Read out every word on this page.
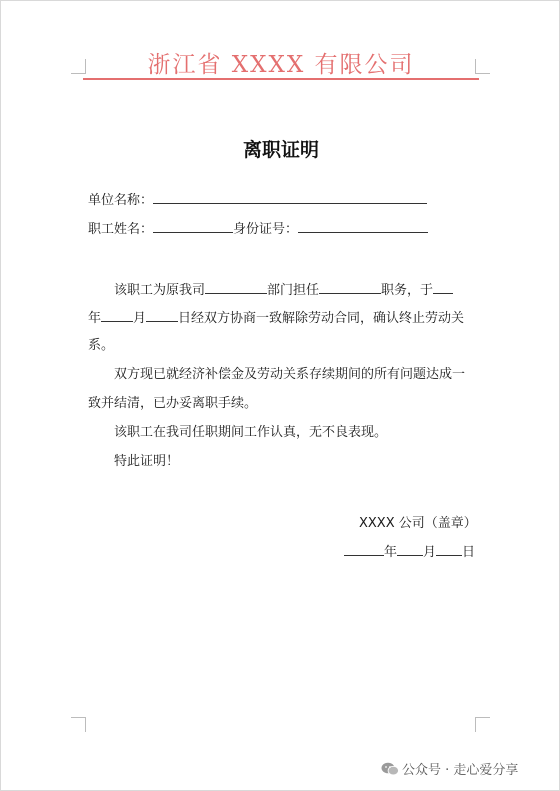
浙江省 XXXX 有限公司
离职证明
单位名称：
职工姓名：	身份证号：
该职工为原我司	部门担任	职务，于
年 月 日经双方协商一致解除劳动合同，确认终止劳动关
系。
双方现已就经济补偿金及劳动关系存续期间的所有问题达成一
致并结清，已办妥离职手续。
该职工在我司任职期间工作认真，无不良表现。
特此证明！
XXXX 公司（盖章）
年 月 日
公众号 · 走心爱分享
